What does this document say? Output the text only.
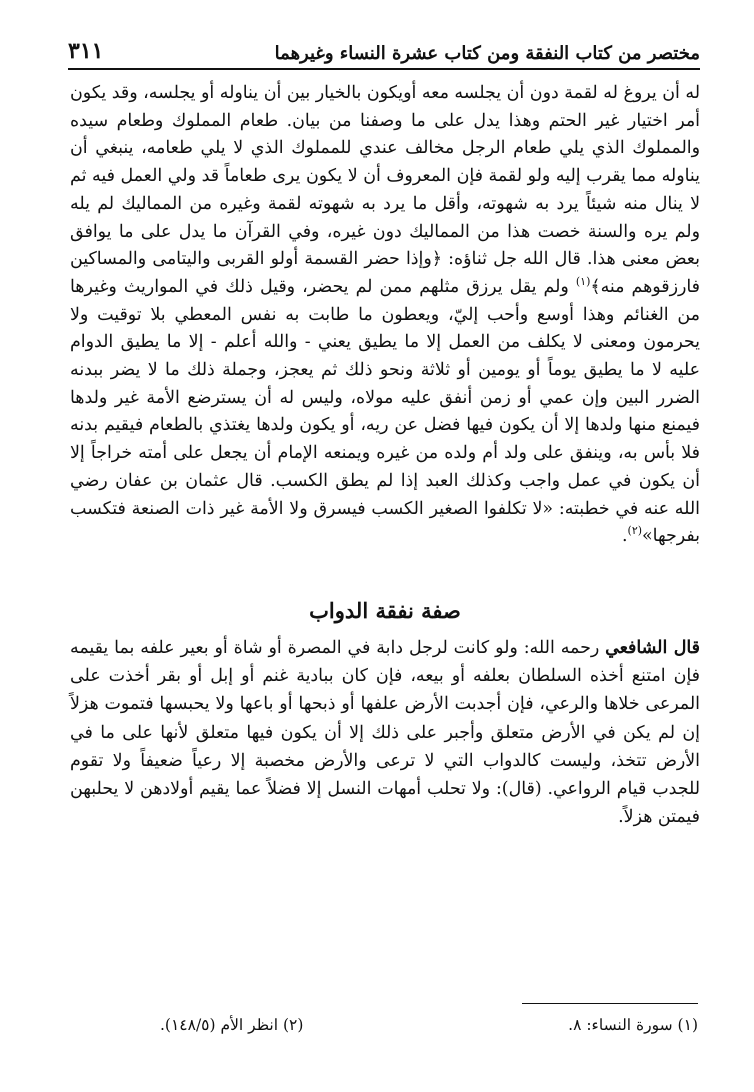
مختصر من كتاب النفقة ومن كتاب عشرة النساء وغيرهما
٣١١

له أن يروغ له لقمة دون أن يجلسه معه أويكون بالخيار بين أن يناوله أو يجلسه، وقد يكون أمر اختيار غير الحتم وهذا يدل على ما وصفنا من بيان. طعام المملوك وطعام سيده والمملوك الذي يلي طعام الرجل مخالف عندي للمملوك الذي لا يلي طعامه، ينبغي أن يناوله مما يقرب إليه ولو لقمة فإن المعروف أن لا يكون يرى طعاماً قد ولي العمل فيه ثم لا ينال منه شيئاً يرد به شهوته، وأقل ما يرد به شهوته لقمة وغيره من المماليك لم يله ولم يره والسنة خصت هذا من المماليك دون غيره، وفي القرآن ما يدل على ما يوافق بعض معنى هذا. قال الله جل ثناؤه: ﴿وإذا حضر القسمة أولو القربى واليتامى والمساكين فارزقوهم منه﴾$^{(١)}$ ولم يقل يرزق مثلهم ممن لم يحضر، وقيل ذلك في المواريث وغيرها من الغنائم وهذا أوسع وأحب إليّ، ويعطون ما طابت به نفس المعطي بلا توقيت ولا يحرمون ومعنى لا يكلف من العمل إلا ما يطيق يعني - والله أعلم - إلا ما يطيق الدوام عليه لا ما يطيق يوماً أو يومين أو ثلاثة ونحو ذلك ثم يعجز، وجملة ذلك ما لا يضر ببدنه الضرر البين وإن عمي أو زمن أنفق عليه مولاه، وليس له أن يسترضع الأمة غير ولدها فيمنع منها ولدها إلا أن يكون فيها فضل عن ريه، أو يكون ولدها يغتذي بالطعام فيقيم بدنه فلا بأس به، وينفق على ولد أم ولده من غيره ويمنعه الإمام أن يجعل على أمته خراجاً إلا أن يكون في عمل واجب وكذلك العبد إذا لم يطق الكسب. قال عثمان بن عفان رضي الله عنه في خطبته: «لا تكلفوا الصغير الكسب فيسرق ولا الأمة غير ذات الصنعة فتكسب بفرجها»$^{(٢)}$.

صفة نفقة الدواب

قال الشافعي رحمه الله: ولو كانت لرجل دابة في المصرة أو شاة أو بعير علفه بما يقيمه فإن امتنع أخذه السلطان بعلفه أو بيعه، فإن كان ببادية غنم أو إبل أو بقر أخذت على المرعى خلاها والرعي، فإن أجدبت الأرض علفها أو ذبحها أو باعها ولا يحبسها فتموت هزلاً إن لم يكن في الأرض متعلق وأجبر على ذلك إلا أن يكون فيها متعلق لأنها على ما في الأرض تتخذ، وليست كالدواب التي لا ترعى والأرض مخصبة إلا رعياً ضعيفاً ولا تقوم للجدب قيام الرواعي. (قال): ولا تحلب أمهات النسل إلا فضلاً عما يقيم أولادهن لا يحلبهن فيمتن هزلاً.

(١) سورة النساء: ٨.
(٢) انظر الأم (١٤٨/٥).
